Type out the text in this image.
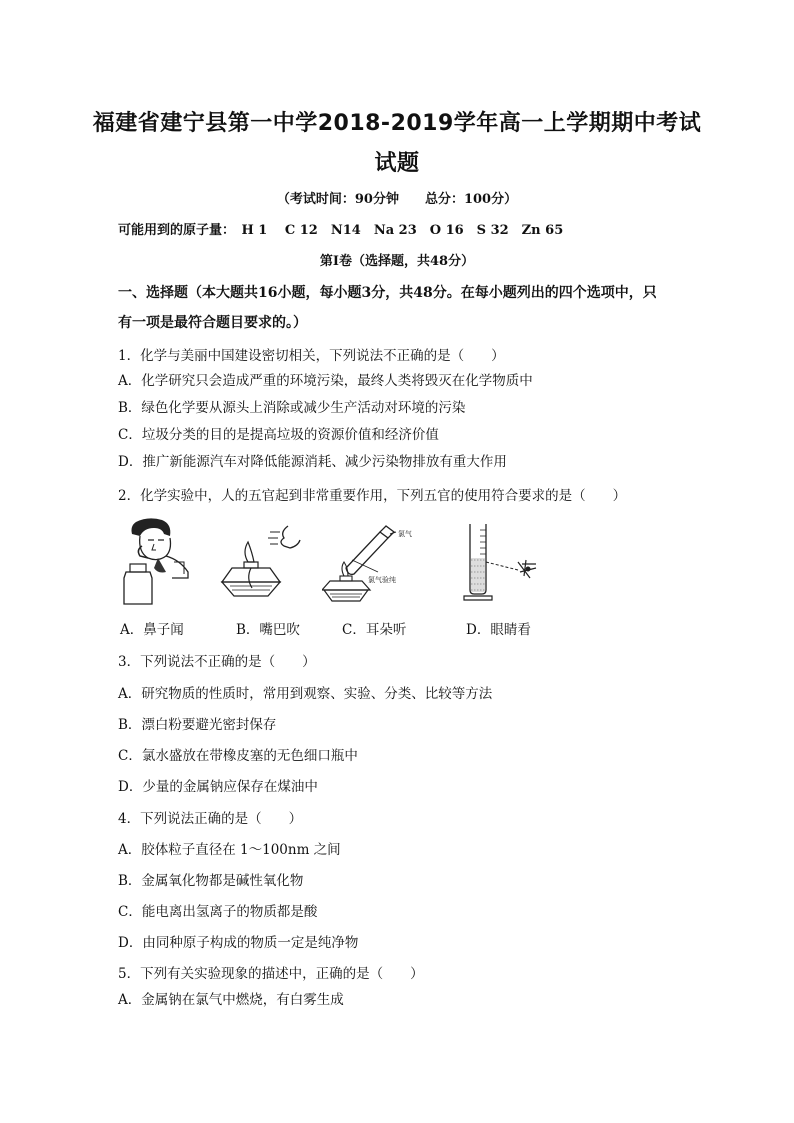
福建省建宁县第一中学2018-2019学年高一上学期期中考试
试题
（考试时间：90分钟　　总分：100分）
可能用到的原子量：　H 1　 C 12　N14　Na 23　O 16　S 32　Zn 65
第Ⅰ卷（选择题，共48分）
一、选择题（本大题共16小题，每小题3分，共48分。在每小题列出的四个选项中，只
有一项是最符合题目要求的。）
1．化学与美丽中国建设密切相关，下列说法不正确的是（　　）
A．化学研究只会造成严重的环境污染，最终人类将毁灭在化学物质中
B．绿色化学要从源头上消除或减少生产活动对环境的污染
C．垃圾分类的目的是提高垃圾的资源价值和经济价值
D．推广新能源汽车对降低能源消耗、减少污染物排放有重大作用
2．化学实验中，人的五官起到非常重要作用，下列五官的使用符合要求的是（　　）
氯气
氯气验纯
A．鼻子闻	B．嘴巴吹	C．耳朵听	D．眼睛看
3．下列说法不正确的是（　　）
A．研究物质的性质时，常用到观察、实验、分类、比较等方法
B．漂白粉要避光密封保存
C．氯水盛放在带橡皮塞的无色细口瓶中
D．少量的金属钠应保存在煤油中
4．下列说法正确的是（　　）
A．胶体粒子直径在 1～100nm 之间
B．金属氧化物都是碱性氧化物
C．能电离出氢离子的物质都是酸
D．由同种原子构成的物质一定是纯净物
5．下列有关实验现象的描述中，正确的是（　　）
A．金属钠在氯气中燃烧，有白雾生成
